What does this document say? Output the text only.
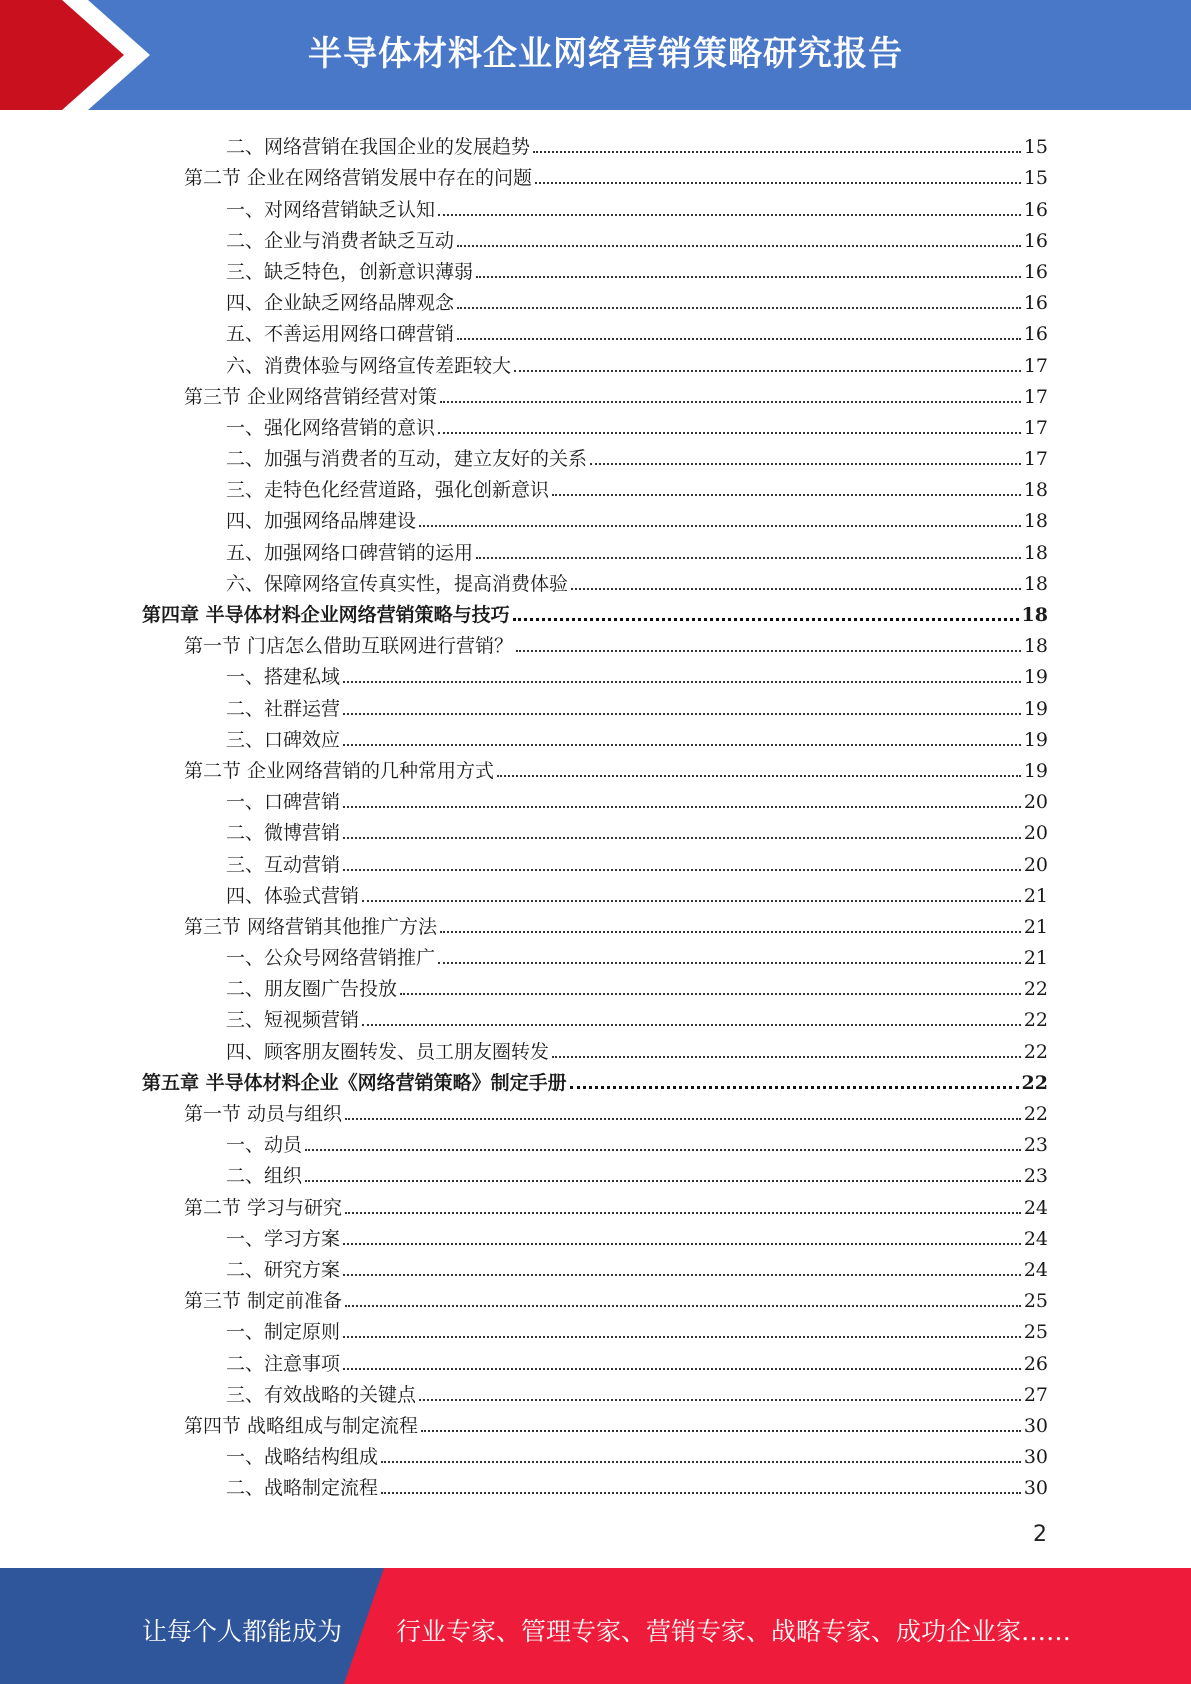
半导体材料企业网络营销策略研究报告
二、网络营销在我国企业的发展趋势	15
第二节 企业在网络营销发展中存在的问题	15
一、对网络营销缺乏认知	16
二、企业与消费者缺乏互动	16
三、缺乏特色，创新意识薄弱	16
四、企业缺乏网络品牌观念	16
五、不善运用网络口碑营销	16
六、消费体验与网络宣传差距较大	17
第三节 企业网络营销经营对策	17
一、强化网络营销的意识	17
二、加强与消费者的互动，建立友好的关系	17
三、走特色化经营道路，强化创新意识	18
四、加强网络品牌建设	18
五、加强网络口碑营销的运用	18
六、保障网络宣传真实性，提高消费体验	18
第四章 半导体材料企业网络营销策略与技巧	18
第一节 门店怎么借助互联网进行营销？	18
一、搭建私域	19
二、社群运营	19
三、口碑效应	19
第二节 企业网络营销的几种常用方式	19
一、口碑营销	20
二、微博营销	20
三、互动营销	20
四、体验式营销	21
第三节 网络营销其他推广方法	21
一、公众号网络营销推广	21
二、朋友圈广告投放	22
三、短视频营销	22
四、顾客朋友圈转发、员工朋友圈转发	22
第五章 半导体材料企业《网络营销策略》制定手册	22
第一节 动员与组织	22
一、动员	23
二、组织	23
第二节 学习与研究	24
一、学习方案	24
二、研究方案	24
第三节 制定前准备	25
一、制定原则	25
二、注意事项	26
三、有效战略的关键点	27
第四节 战略组成与制定流程	30
一、战略结构组成	30
二、战略制定流程	30
2
让每个人都能成为 行业专家、管理专家、营销专家、战略专家、成功企业家……
